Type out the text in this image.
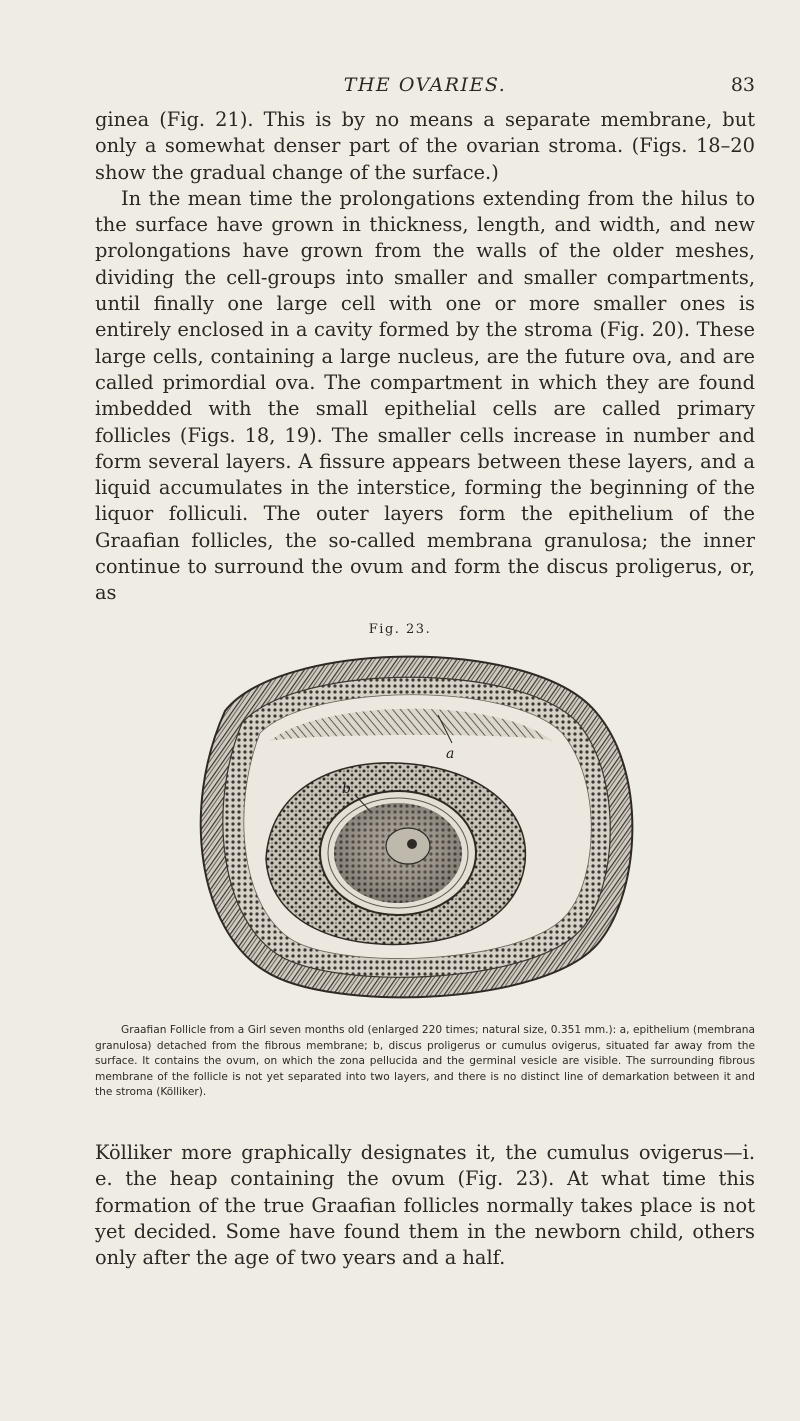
THE OVARIES.	83

ginea (Fig. 21). This is by no means a separate membrane, but only a somewhat denser part of the ovarian stroma. (Figs. 18–20 show the gradual change of the surface.)

In the mean time the prolongations extending from the hilus to the surface have grown in thickness, length, and width, and new prolongations have grown from the walls of the older meshes, dividing the cell-groups into smaller and smaller compartments, until finally one large cell with one or more smaller ones is entirely enclosed in a cavity formed by the stroma (Fig. 20). These large cells, containing a large nucleus, are the future ova, and are called primordial ova. The compartment in which they are found imbedded with the small epithelial cells are called primary follicles (Figs. 18, 19). The smaller cells increase in number and form several layers. A fissure appears between these layers, and a liquid accumulates in the interstice, forming the beginning of the liquor folliculi. The outer layers form the epithelium of the Graafian follicles, the so-called membrana granulosa; the inner continue to surround the ovum and form the discus proligerus, or, as

Fig. 23.
a
b

Graafian Follicle from a Girl seven months old (enlarged 220 times; natural size, 0.351 mm.): a, epithelium (membrana granulosa) detached from the fibrous membrane; b, discus proligerus or cumulus ovigerus, situated far away from the surface. It contains the ovum, on which the zona pellucida and the germinal vesicle are visible. The surrounding fibrous membrane of the follicle is not yet separated into two layers, and there is no distinct line of demarkation between it and the stroma (Kölliker).

Kölliker more graphically designates it, the cumulus ovigerus—i. e. the heap containing the ovum (Fig. 23). At what time this formation of the true Graafian follicles normally takes place is not yet decided. Some have found them in the newborn child, others only after the age of two years and a half.
